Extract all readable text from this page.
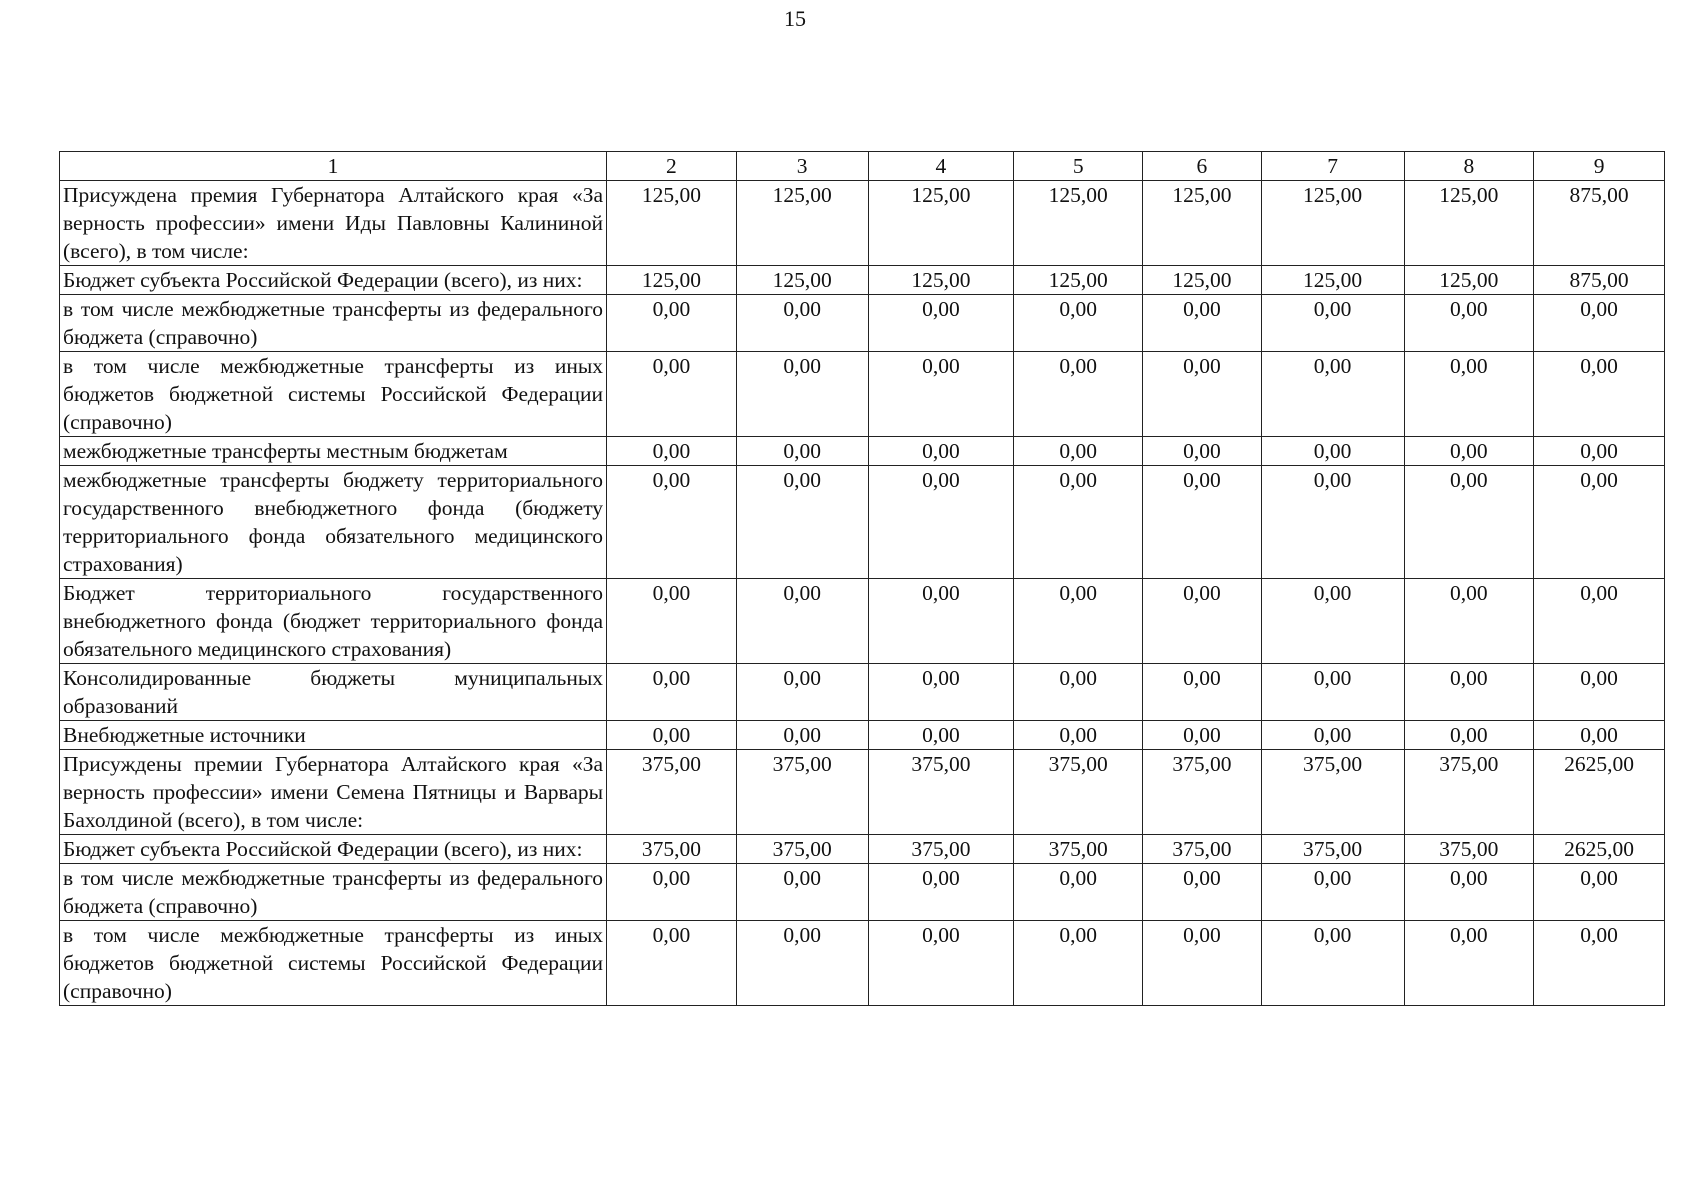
15
1	2	3	4	5	6	7	8	9
Присуждена премия Губернатора Алтайского края «За верность профессии» имени Иды Павловны Калининой (всего), в том числе:	125,00	125,00	125,00	125,00	125,00	125,00	125,00	875,00
Бюджет субъекта Российской Федерации (всего), из них:	125,00	125,00	125,00	125,00	125,00	125,00	125,00	875,00
в том числе межбюджетные трансферты из федерального бюджета (справочно)	0,00	0,00	0,00	0,00	0,00	0,00	0,00	0,00
в том числе межбюджетные трансферты из иных бюджетов бюджетной системы Российской Федерации (справочно)	0,00	0,00	0,00	0,00	0,00	0,00	0,00	0,00
межбюджетные трансферты местным бюджетам	0,00	0,00	0,00	0,00	0,00	0,00	0,00	0,00
межбюджетные трансферты бюджету территориального государственного внебюджетного фонда (бюджету территориального фонда обязательного медицинского страхования)	0,00	0,00	0,00	0,00	0,00	0,00	0,00	0,00
Бюджет территориального государственного внебюджетного фонда (бюджет территориального фонда обязательного медицинского страхования)	0,00	0,00	0,00	0,00	0,00	0,00	0,00	0,00
Консолидированные бюджеты муниципальных образований	0,00	0,00	0,00	0,00	0,00	0,00	0,00	0,00
Внебюджетные источники	0,00	0,00	0,00	0,00	0,00	0,00	0,00	0,00
Присуждены премии Губернатора Алтайского края «За верность профессии» имени Семена Пятницы и Варвары Бахолдиной (всего), в том числе:	375,00	375,00	375,00	375,00	375,00	375,00	375,00	2625,00
Бюджет субъекта Российской Федерации (всего), из них:	375,00	375,00	375,00	375,00	375,00	375,00	375,00	2625,00
в том числе межбюджетные трансферты из федерального бюджета (справочно)	0,00	0,00	0,00	0,00	0,00	0,00	0,00	0,00
в том числе межбюджетные трансферты из иных бюджетов бюджетной системы Российской Федерации (справочно)	0,00	0,00	0,00	0,00	0,00	0,00	0,00	0,00
